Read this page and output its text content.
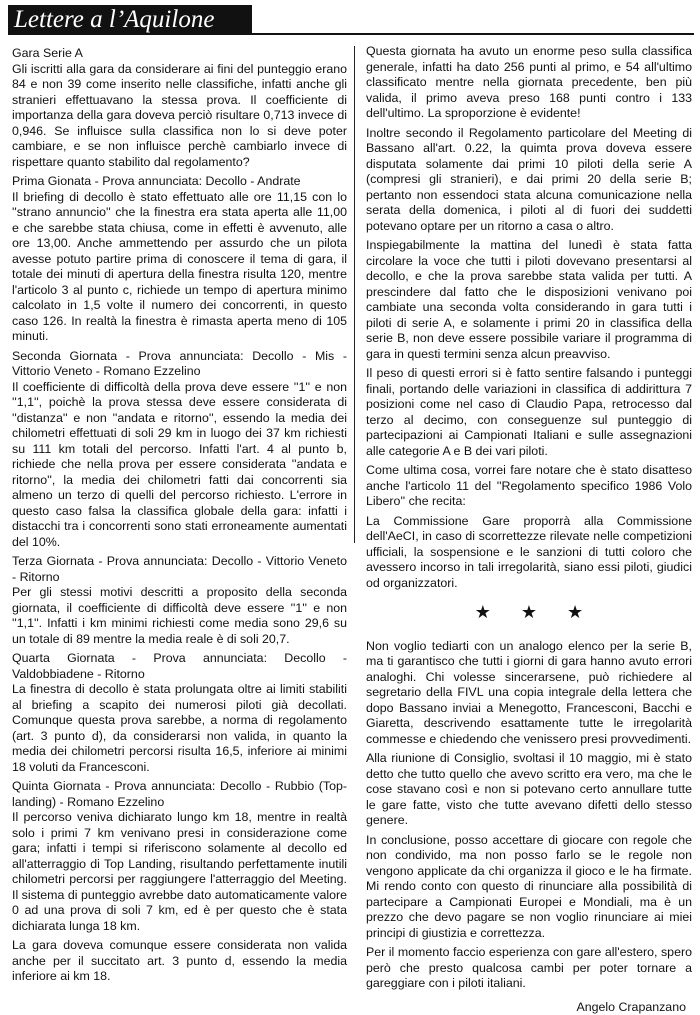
Lettere a l’Aquilone

Gara Serie A

Gli iscritti alla gara da considerare ai fini del punteggio erano 84 e non 39 come inserito nelle classifiche, infatti anche gli stranieri effettuavano la stessa prova. Il coefficiente di importanza della gara doveva perciò risultare 0,713 invece di 0,946. Se influisce sulla classifica non lo si deve poter cambiare, e se non influisce perchè cambiarlo invece di rispettare quanto stabilito dal regolamento?

Prima Gionata - Prova annunciata: Decollo - Andrate

Il briefing di decollo è stato effettuato alle ore 11,15 con lo ''strano annuncio'' che la finestra era stata aperta alle 11,00 e che sarebbe stata chiusa, come in effetti è avvenuto, alle ore 13,00. Anche ammettendo per assurdo che un pilota avesse potuto partire prima di conoscere il tema di gara, il totale dei minuti di apertura della finestra risulta 120, mentre l'articolo 3 al punto c, richiede un tempo di apertura minimo calcolato in 1,5 volte il numero dei concorrenti, in questo caso 126. In realtà la finestra è rimasta aperta meno di 105 minuti.

Seconda Giornata - Prova annunciata: Decollo - Mis - Vittorio Veneto - Romano Ezzelino

Il coefficiente di difficoltà della prova deve essere ''1'' e non ''1,1'', poichè la prova stessa deve essere considerata di ''distanza'' e non ''andata e ritorno'', essendo la media dei chilometri effettuati di soli 29 km in luogo dei 37 km richiesti su 111 km totali del percorso. Infatti l'art. 4 al punto b, richiede che nella prova per essere considerata ''andata e ritorno'', la media dei chilometri fatti dai concorrenti sia almeno un terzo di quelli del percorso richiesto. L'errore in questo caso falsa la classifica globale della gara: infatti i distacchi tra i concorrenti sono stati erroneamente aumentati del 10%.

Terza Giornata - Prova annunciata: Decollo - Vittorio Veneto - Ritorno

Per gli stessi motivi descritti a proposito della seconda giornata, il coefficiente di difficoltà deve essere ''1'' e non ''1,1''. Infatti i km minimi richiesti come media sono 29,6 su un totale di 89 mentre la media reale è di soli 20,7.

Quarta Giornata - Prova annunciata: Decollo - Valdobbiadene - Ritorno

La finestra di decollo è stata prolungata oltre ai limiti stabiliti al briefing a scapito dei numerosi piloti già decollati. Comunque questa prova sarebbe, a norma di regolamento (art. 3 punto d), da considerarsi non valida, in quanto la media dei chilometri percorsi risulta 16,5, inferiore ai minimi 18 voluti da Francesconi.

Quinta Giornata - Prova annunciata: Decollo - Rubbio (Top-landing) - Romano Ezzelino

Il percorso veniva dichiarato lungo km 18, mentre in realtà solo i primi 7 km venivano presi in considerazione come gara; infatti i tempi si riferiscono solamente al decollo ed all'atterraggio di Top Landing, risultando perfettamente inutili chilometri percorsi per raggiungere l'atterraggio del Meeting. Il sistema di punteggio avrebbe dato automaticamente valore 0 ad una prova di soli 7 km, ed è per questo che è stata dichiarata lunga 18 km.

La gara doveva comunque essere considerata non valida anche per il succitato art. 3 punto d, essendo la media inferiore ai km 18.

Questa giornata ha avuto un enorme peso sulla classifica generale, infatti ha dato 256 punti al primo, e 54 all'ultimo classificato mentre nella giornata precedente, ben più valida, il primo aveva preso 168 punti contro i 133 dell'ultimo. La sproporzione è evidente!

Inoltre secondo il Regolamento particolare del Meeting di Bassano all'art. 0.22, la quimta prova doveva essere disputata solamente dai primi 10 piloti della serie A (compresi gli stranieri), e dai primi 20 della serie B; pertanto non essendoci stata alcuna comunicazione nella serata della domenica, i piloti al di fuori dei suddetti potevano optare per un ritorno a casa o altro.

Inspiegabilmente la mattina del lunedì è stata fatta circolare la voce che tutti i piloti dovevano presentarsi al decollo, e che la prova sarebbe stata valida per tutti. A prescindere dal fatto che le disposizioni venivano poi cambiate una seconda volta considerando in gara tutti i piloti di serie A, e solamente i primi 20 in classifica della serie B, non deve essere possibile variare il programma di gara in questi termini senza alcun preavviso.

Il peso di questi errori si è fatto sentire falsando i punteggi finali, portando delle variazioni in classifica di addirittura 7 posizioni come nel caso di Claudio Papa, retrocesso dal terzo al decimo, con conseguenze sul punteggio di partecipazioni ai Campionati Italiani e sulle assegnazioni alle categorie A e B dei vari piloti.

Come ultima cosa, vorrei fare notare che è stato disatteso anche l'articolo 11 del ''Regolamento specifico 1986 Volo Libero'' che recita:

La Commissione Gare proporrà alla Commissione dell'AeCI, in caso di scorrettezze rilevate nelle competizioni ufficiali, la sospensione e le sanzioni di tutti coloro che avessero incorso in tali irregolarità, siano essi piloti, giudici od organizzatori.

★★★

Non voglio tediarti con un analogo elenco per la serie B, ma ti garantisco che tutti i giorni di gara hanno avuto errori analoghi. Chi volesse sincerarsene, può richiedere al segretario della FIVL una copia integrale della lettera che dopo Bassano inviai a Menegotto, Francesconi, Bacchi e Giaretta, descrivendo esattamente tutte le irregolarità commesse e chiedendo che venissero presi provvedimenti.

Alla riunione di Consiglio, svoltasi il 10 maggio, mi è stato detto che tutto quello che avevo scritto era vero, ma che le cose stavano così e non si potevano certo annullare tutte le gare fatte, visto che tutte avevano difetti dello stesso genere.

In conclusione, posso accettare di giocare con regole che non condivido, ma non posso farlo se le regole non vengono applicate da chi organizza il gioco e le ha firmate. Mi rendo conto con questo di rinunciare alla possibilità di partecipare a Campionati Europei e Mondiali, ma è un prezzo che devo pagare se non voglio rinunciare ai miei principi di giustizia e correttezza.

Per il momento faccio esperienza con gare all'estero, spero però che presto qualcosa cambi per poter tornare a gareggiare con i piloti italiani.

Angelo Crapanzano
